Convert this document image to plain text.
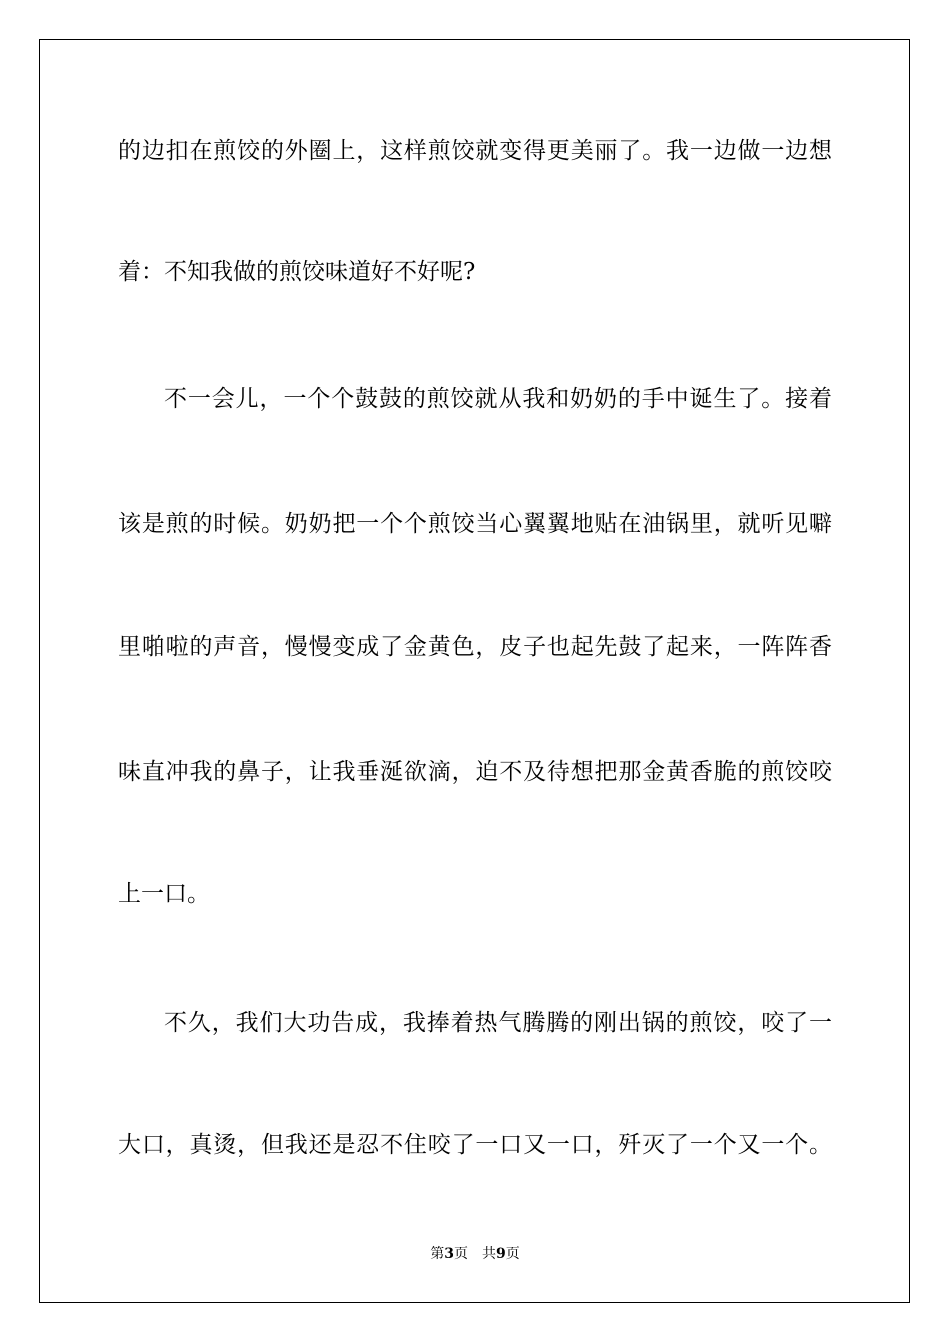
的边扣在煎饺的外圈上，这样煎饺就变得更美丽了。我一边做一边想
着：不知我做的煎饺味道好不好呢?
不一会儿，一个个鼓鼓的煎饺就从我和奶奶的手中诞生了。接着
该是煎的时候。奶奶把一个个煎饺当心翼翼地贴在油锅里，就听见噼
里啪啦的声音，慢慢变成了金黄色，皮子也起先鼓了起来，一阵阵香
味直冲我的鼻子，让我垂涎欲滴，迫不及待想把那金黄香脆的煎饺咬
上一口。
不久，我们大功告成，我捧着热气腾腾的刚出锅的煎饺，咬了一
大口，真烫，但我还是忍不住咬了一口又一口，歼灭了一个又一个。
第3页 共9页
